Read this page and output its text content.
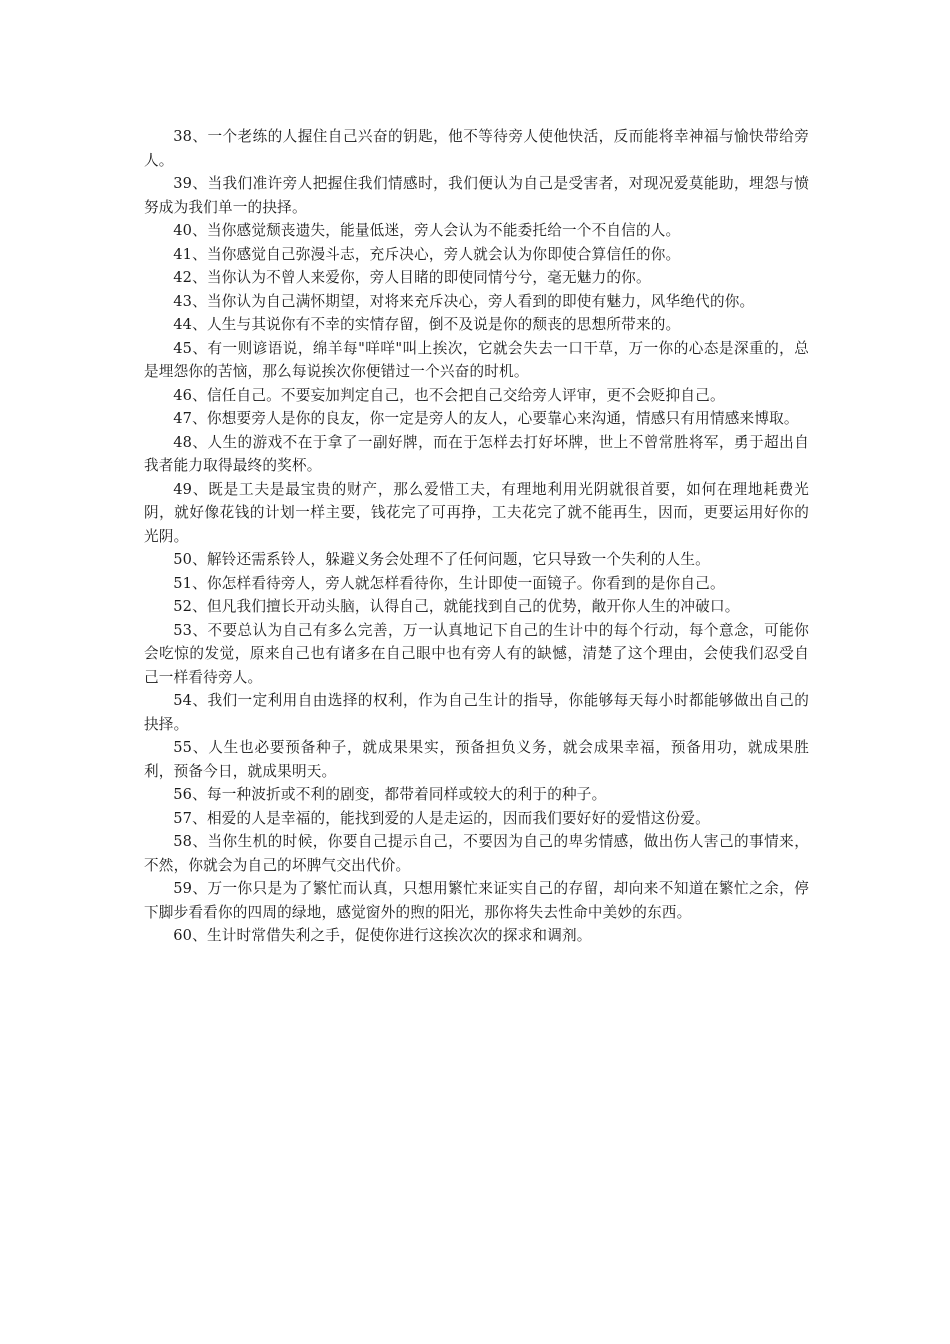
38、一个老练的人握住自己兴奋的钥匙，他不等待旁人使他快活，反而能将幸神福与愉快带给旁人。

39、当我们准许旁人把握住我们情感时，我们便认为自己是受害者，对现况爱莫能助，埋怨与愤努成为我们单一的抉择。

40、当你感觉颓丧遗失，能量低迷，旁人会认为不能委托给一个不自信的人。

41、当你感觉自己弥漫斗志，充斥决心，旁人就会认为你即使合算信任的你。

42、当你认为不曾人来爱你，旁人目睹的即使同情兮兮，毫无魅力的你。

43、当你认为自己满怀期望，对将来充斥决心，旁人看到的即使有魅力，风华绝代的你。

44、人生与其说你有不幸的实情存留，倒不及说是你的颓丧的思想所带来的。

45、有一则谚语说，绵羊每"咩咩"叫上挨次，它就会失去一口干草，万一你的心态是深重的，总是埋怨你的苦恼，那么每说挨次你便错过一个兴奋的时机。

46、信任自己。不要妄加判定自己，也不会把自己交给旁人评审，更不会贬抑自己。

47、你想要旁人是你的良友，你一定是旁人的友人，心要靠心来沟通，情感只有用情感来博取。

48、人生的游戏不在于拿了一副好牌，而在于怎样去打好坏牌，世上不曾常胜将军，勇于超出自我者能力取得最终的奖杯。

49、既是工夫是最宝贵的财产，那么爱惜工夫，有理地利用光阴就很首要，如何在理地耗费光阴，就好像花钱的计划一样主要，钱花完了可再挣，工夫花完了就不能再生，因而，更要运用好你的光阴。

50、解铃还需系铃人，躲避义务会处理不了任何问题，它只导致一个失利的人生。

51、你怎样看待旁人，旁人就怎样看待你，生计即使一面镜子。你看到的是你自己。

52、但凡我们擅长开动头脑，认得自己，就能找到自己的优势，敞开你人生的冲破口。

53、不要总认为自己有多么完善，万一认真地记下自己的生计中的每个行动，每个意念，可能你会吃惊的发觉，原来自己也有诸多在自己眼中也有旁人有的缺憾，清楚了这个理由，会使我们忍受自己一样看待旁人。

54、我们一定利用自由选择的权利，作为自己生计的指导，你能够每天每小时都能够做出自己的抉择。

55、人生也必要预备种子，就成果果实，预备担负义务，就会成果幸福，预备用功，就成果胜利，预备今日，就成果明天。

56、每一种波折或不利的剧变，都带着同样或较大的利于的种子。

57、相爱的人是幸福的，能找到爱的人是走运的，因而我们要好好的爱惜这份爱。

58、当你生机的时候，你要自己提示自己，不要因为自己的卑劣情感，做出伤人害己的事情来，不然，你就会为自己的坏脾气交出代价。

59、万一你只是为了繁忙而认真，只想用繁忙来证实自己的存留，却向来不知道在繁忙之余，停下脚步看看你的四周的绿地，感觉窗外的煦的阳光，那你将失去性命中美妙的东西。

60、生计时常借失利之手，促使你进行这挨次次的探求和调剂。
